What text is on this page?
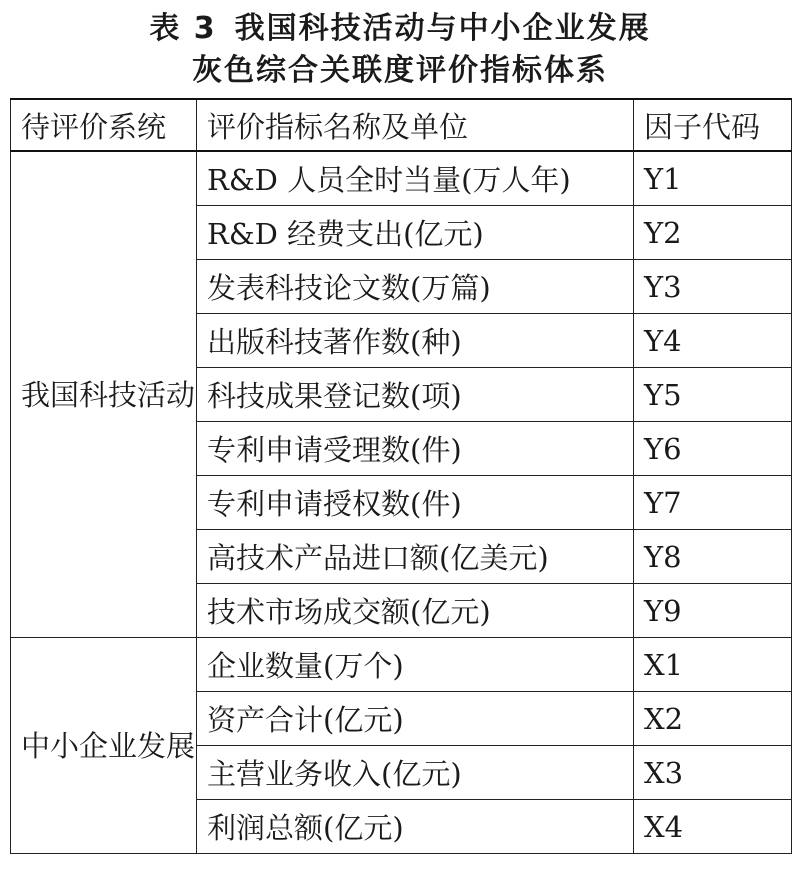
表 3 我国科技活动与中小企业发展
灰色综合关联度评价指标体系
待评价系统	评价指标名称及单位	因子代码
我国科技活动	R&D 人员全时当量(万人年)	Y1
	R&D 经费支出(亿元)	Y2
	发表科技论文数(万篇)	Y3
	出版科技著作数(种)	Y4
	科技成果登记数(项)	Y5
	专利申请受理数(件)	Y6
	专利申请授权数(件)	Y7
	高技术产品进口额(亿美元)	Y8
	技术市场成交额(亿元)	Y9
中小企业发展	企业数量(万个)	X1
	资产合计(亿元)	X2
	主营业务收入(亿元)	X3
	利润总额(亿元)	X4
